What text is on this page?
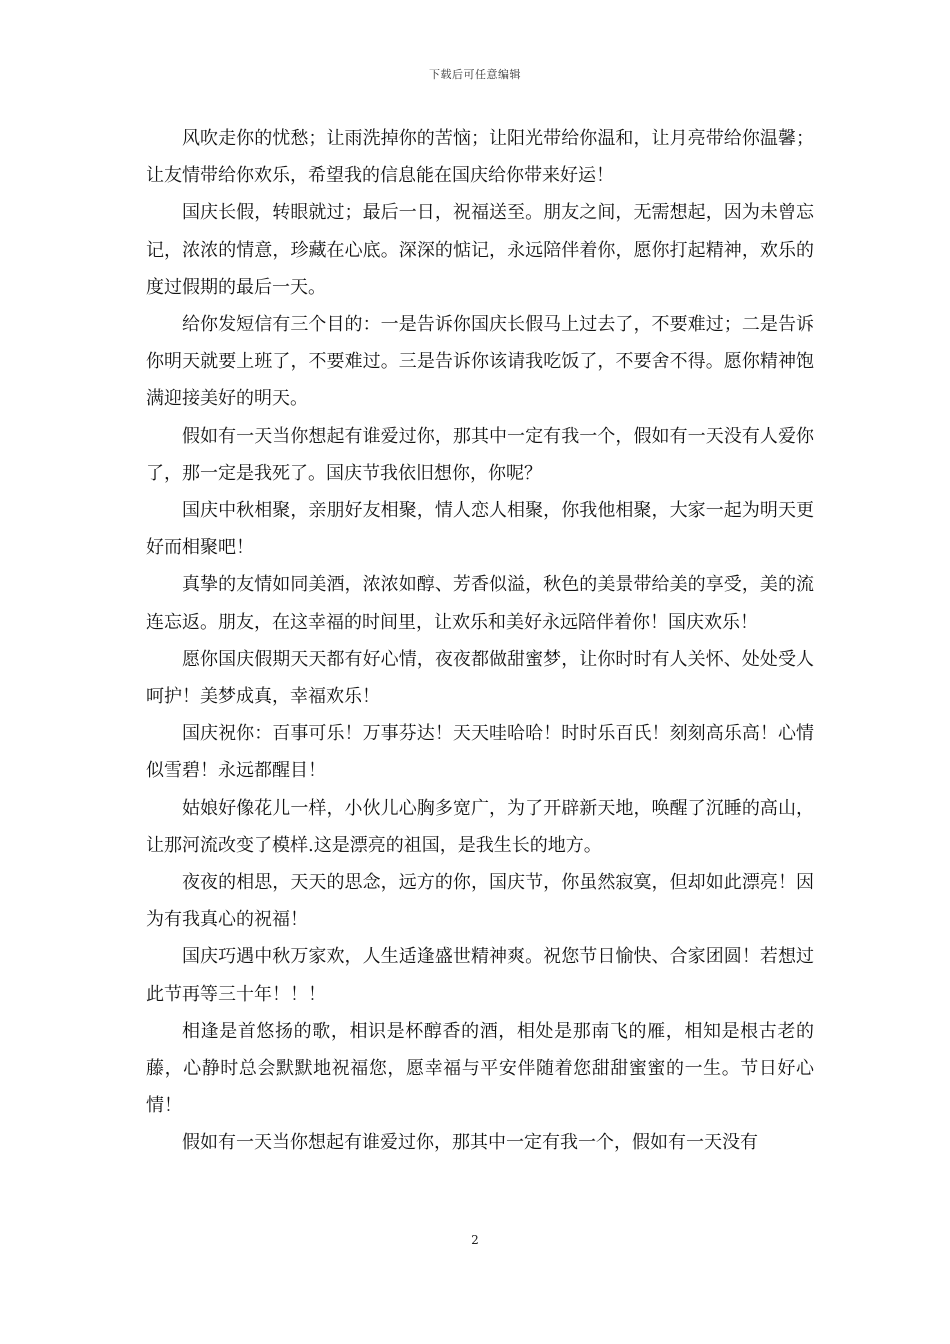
下载后可任意编辑

风吹走你的忧愁；让雨洗掉你的苦恼；让阳光带给你温和，让月亮带给你温馨；让友情带给你欢乐，希望我的信息能在国庆给你带来好运！

国庆长假，转眼就过；最后一日，祝福送至。朋友之间，无需想起，因为未曾忘记，浓浓的情意，珍藏在心底。深深的惦记，永远陪伴着你，愿你打起精神，欢乐的度过假期的最后一天。

给你发短信有三个目的：一是告诉你国庆长假马上过去了，不要难过；二是告诉你明天就要上班了，不要难过。三是告诉你该请我吃饭了，不要舍不得。愿你精神饱满迎接美好的明天。

假如有一天当你想起有谁爱过你，那其中一定有我一个，假如有一天没有人爱你了，那一定是我死了。国庆节我依旧想你，你呢？

国庆中秋相聚，亲朋好友相聚，情人恋人相聚，你我他相聚，大家一起为明天更好而相聚吧！

真挚的友情如同美酒，浓浓如醇、芳香似溢，秋色的美景带给美的享受，美的流连忘返。朋友，在这幸福的时间里，让欢乐和美好永远陪伴着你！国庆欢乐！

愿你国庆假期天天都有好心情，夜夜都做甜蜜梦，让你时时有人关怀、处处受人呵护！美梦成真，幸福欢乐！

国庆祝你：百事可乐！万事芬达！天天哇哈哈！时时乐百氏！刻刻高乐高！心情似雪碧！永远都醒目！

姑娘好像花儿一样，小伙儿心胸多宽广，为了开辟新天地，唤醒了沉睡的高山，让那河流改变了模样.这是漂亮的祖国，是我生长的地方。

夜夜的相思，天天的思念，远方的你，国庆节，你虽然寂寞，但却如此漂亮！因为有我真心的祝福！

国庆巧遇中秋万家欢，人生适逢盛世精神爽。祝您节日愉快、合家团圆！若想过此节再等三十年！！！

相逢是首悠扬的歌，相识是杯醇香的酒，相处是那南飞的雁，相知是根古老的藤，心静时总会默默地祝福您，愿幸福与平安伴随着您甜甜蜜蜜的一生。节日好心情！

假如有一天当你想起有谁爱过你，那其中一定有我一个，假如有一天没有

2
